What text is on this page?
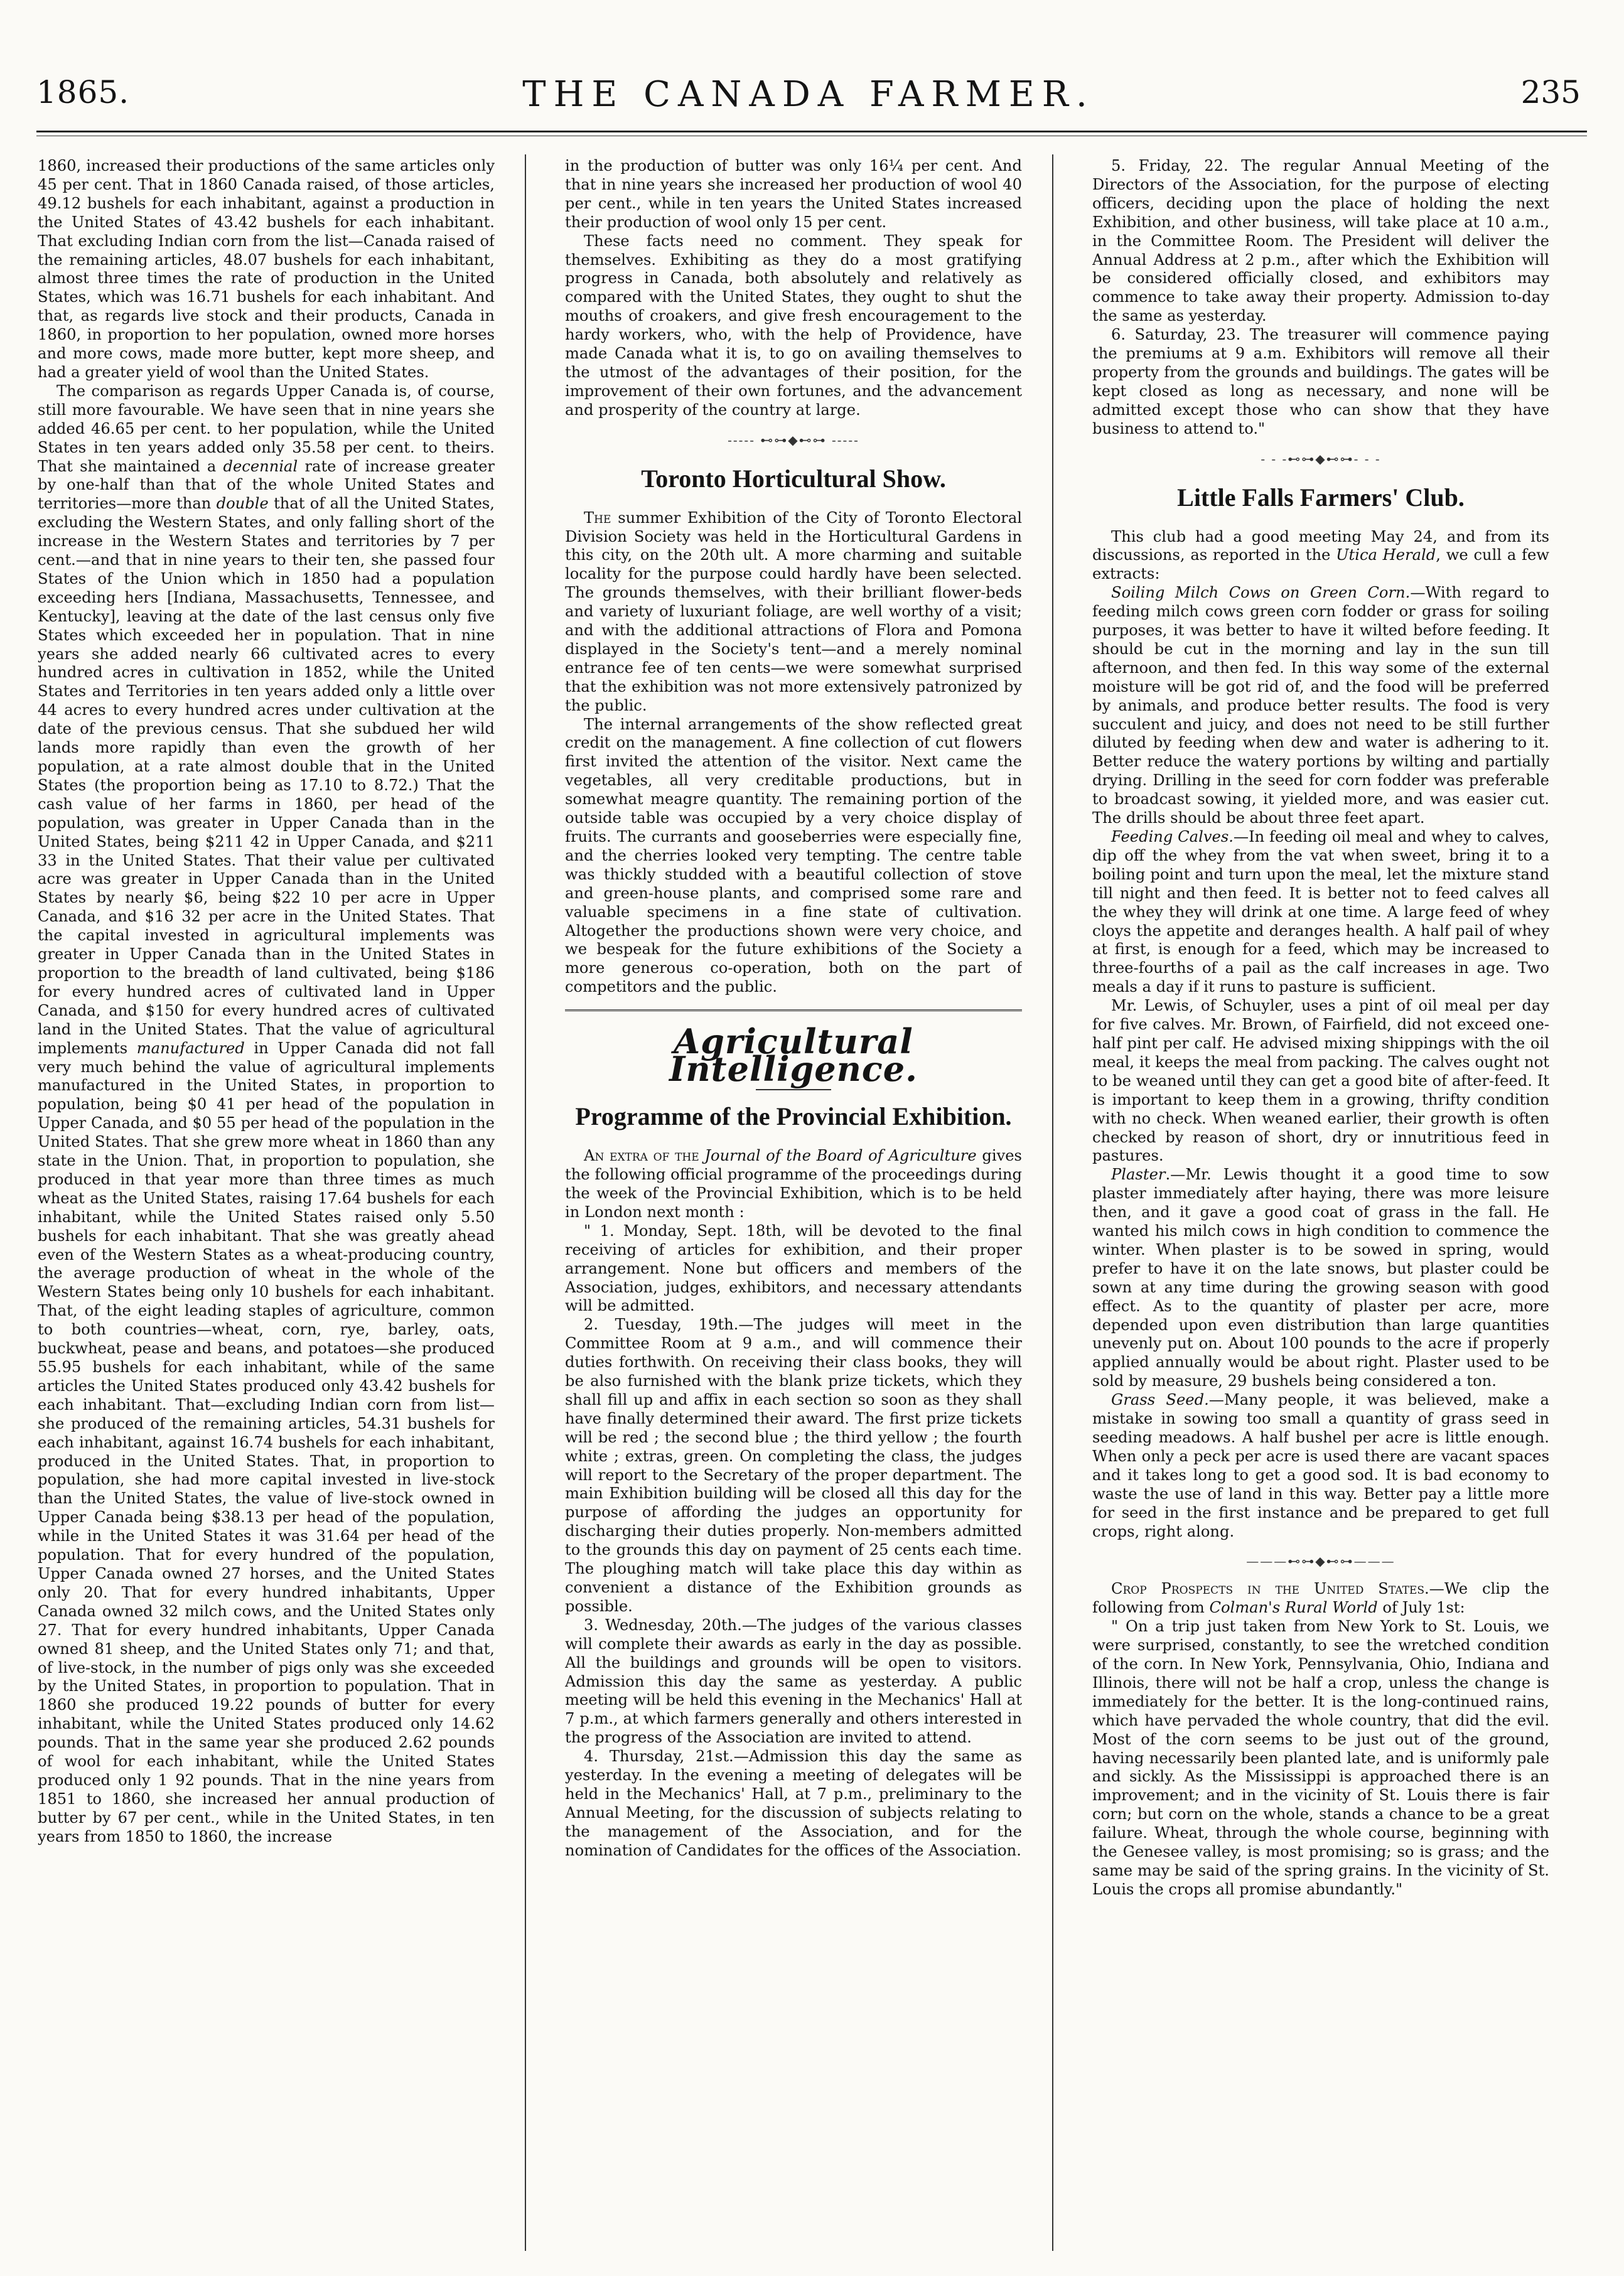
1865.	THE CANADA FARMER.	235

1860, increased their productions of the same articles only 45 per cent. That in 1860 Canada raised, of those articles, 49.12 bushels for each inhabitant, against a production in the United States of 43.42 bushels for each inhabitant. That excluding Indian corn from the list—Canada raised of the remaining articles, 48.07 bushels for each inhabitant, almost three times the rate of production in the United States, which was 16.71 bushels for each inhabitant. And that, as regards live stock and their products, Canada in 1860, in proportion to her population, owned more horses and more cows, made more butter, kept more sheep, and had a greater yield of wool than the United States.

The comparison as regards Upper Canada is, of course, still more favourable. We have seen that in nine years she added 46.65 per cent. to her population, while the United States in ten years added only 35.58 per cent. to theirs. That she maintained a decennial rate of increase greater by one-half than that of the whole United States and territories—more than double that of all the United States, excluding the Western States, and only falling short of the increase in the Western States and territories by 7 per cent.—and that in nine years to their ten, she passed four States of the Union which in 1850 had a population exceeding hers [Indiana, Massachusetts, Tennessee, and Kentucky], leaving at the date of the last census only five States which exceeded her in population. That in nine years she added nearly 66 cultivated acres to every hundred acres in cultivation in 1852, while the United States and Territories in ten years added only a little over 44 acres to every hundred acres under cultivation at the date of the previous census. That she subdued her wild lands more rapidly than even the growth of her population, at a rate almost double that in the United States (the proportion being as 17.10 to 8.72.) That the cash value of her farms in 1860, per head of the population, was greater in Upper Canada than in the United States, being $211 42 in Upper Canada, and $211 33 in the United States. That their value per cultivated acre was greater in Upper Canada than in the United States by nearly $6, being $22 10 per acre in Upper Canada, and $16 32 per acre in the United States. That the capital invested in agricultural implements was greater in Upper Canada than in the United States in proportion to the breadth of land cultivated, being $186 for every hundred acres of cultivated land in Upper Canada, and $150 for every hundred acres of cultivated land in the United States. That the value of agricultural implements manufactured in Upper Canada did not fall very much behind the value of agricultural implements manufactured in the United States, in proportion to population, being $0 41 per head of the population in Upper Canada, and $0 55 per head of the population in the United States. That she grew more wheat in 1860 than any state in the Union. That, in proportion to population, she produced in that year more than three times as much wheat as the United States, raising 17.64 bushels for each inhabitant, while the United States raised only 5.50 bushels for each inhabitant. That she was greatly ahead even of the Western States as a wheat-producing country, the average production of wheat in the whole of the Western States being only 10 bushels for each inhabitant. That, of the eight leading staples of agriculture, common to both countries—wheat, corn, rye, barley, oats, buckwheat, pease and beans, and potatoes—she produced 55.95 bushels for each inhabitant, while of the same articles the United States produced only 43.42 bushels for each inhabitant. That—excluding Indian corn from list—she produced of the remaining articles, 54.31 bushels for each inhabitant, against 16.74 bushels for each inhabitant, produced in the United States. That, in proportion to population, she had more capital invested in live-stock than the United States, the value of live-stock owned in Upper Canada being $38.13 per head of the population, while in the United States it was 31.64 per head of the population. That for every hundred of the population, Upper Canada owned 27 horses, and the United States only 20. That for every hundred inhabitants, Upper Canada owned 32 milch cows, and the United States only 27. That for every hundred inhabitants, Upper Canada owned 81 sheep, and the United States only 71; and that, of live-stock, in the number of pigs only was she exceeded by the United States, in proportion to population. That in 1860 she produced 19.22 pounds of butter for every inhabitant, while the United States produced only 14.62 pounds. That in the same year she produced 2.62 pounds of wool for each inhabitant, while the United States produced only 1 92 pounds. That in the nine years from 1851 to 1860, she increased her annual production of butter by 67 per cent., while in the United States, in ten years from 1850 to 1860, the increase

in the production of butter was only 16¼ per cent. And that in nine years she increased her production of wool 40 per cent., while in ten years the United States increased their production of wool only 15 per cent.

These facts need no comment. They speak for themselves. Exhibiting as they do a most gratifying progress in Canada, both absolutely and relatively as compared with the United States, they ought to shut the mouths of croakers, and give fresh encouragement to the hardy workers, who, with the help of Providence, have made Canada what it is, to go on availing themselves to the utmost of the advantages of their position, for the improvement of their own fortunes, and the advancement and prosperity of the country at large.

----- ⊷⊶◆⊷⊶ -----
Toronto Horticultural Show.

The summer Exhibition of the City of Toronto Electoral Division Society was held in the Horticultural Gardens in this city, on the 20th ult. A more charming and suitable locality for the purpose could hardly have been selected. The grounds themselves, with their brilliant flower-beds and variety of luxuriant foliage, are well worthy of a visit; and with the additional attractions of Flora and Pomona displayed in the Society's tent—and a merely nominal entrance fee of ten cents—we were somewhat surprised that the exhibition was not more extensively patronized by the public.

The internal arrangements of the show reflected great credit on the management. A fine collection of cut flowers first invited the attention of the visitor. Next came the vegetables, all very creditable productions, but in somewhat meagre quantity. The remaining portion of the outside table was occupied by a very choice display of fruits. The currants and gooseberries were especially fine, and the cherries looked very tempting. The centre table was thickly studded with a beautiful collection of stove and green-house plants, and comprised some rare and valuable specimens in a fine state of cultivation. Altogether the productions shown were very choice, and we bespeak for the future exhibitions of the Society a more generous co-operation, both on the part of competitors and the public.

Agricultural Intelligence.
Programme of the Provincial Exhibition.

An extra of the Journal of the Board of Agriculture gives the following official programme of the proceedings during the week of the Provincial Exhibition, which is to be held in London next month :

" 1. Monday, Sept. 18th, will be devoted to the final receiving of articles for exhibition, and their proper arrangement. None but officers and members of the Association, judges, exhibitors, and necessary attendants will be admitted.

2. Tuesday, 19th.—The judges will meet in the Committee Room at 9 a.m., and will commence their duties forthwith. On receiving their class books, they will be also furnished with the blank prize tickets, which they shall fill up and affix in each section so soon as they shall have finally determined their award. The first prize tickets will be red ; the second blue ; the third yellow ; the fourth white ; extras, green. On completing the class, the judges will report to the Secretary of the proper department. The main Exhibition building will be closed all this day for the purpose of affording the judges an opportunity for discharging their duties properly. Non-members admitted to the grounds this day on payment of 25 cents each time. The ploughing match will take place this day within as convenient a distance of the Exhibition grounds as possible.

3. Wednesday, 20th.—The judges of the various classes will complete their awards as early in the day as possible. All the buildings and grounds will be open to visitors. Admission this day the same as yesterday. A public meeting will be held this evening in the Mechanics' Hall at 7 p.m., at which farmers generally and others interested in the progress of the Association are invited to attend.

4. Thursday, 21st.—Admission this day the same as yesterday. In the evening a meeting of delegates will be held in the Mechanics' Hall, at 7 p.m., preliminary to the Annual Meeting, for the discussion of subjects relating to the management of the Association, and for the nomination of Candidates for the offices of the Association.

5. Friday, 22. The regular Annual Meeting of the Directors of the Association, for the purpose of electing officers, deciding upon the place of holding the next Exhibition, and other business, will take place at 10 a.m., in the Committee Room. The President will deliver the Annual Address at 2 p.m., after which the Exhibition will be considered officially closed, and exhibitors may commence to take away their property. Admission to-day the same as yesterday.

6. Saturday, 23. The treasurer will commence paying the premiums at 9 a.m. Exhibitors will remove all their property from the grounds and buildings. The gates will be kept closed as long as necessary, and none will be admitted except those who can show that they have business to attend to."

- - -⊷⊶◆⊷⊶- - -
Little Falls Farmers' Club.

This club had a good meeting May 24, and from its discussions, as reported in the Utica Herald, we cull a few extracts:

Soiling Milch Cows on Green Corn.—With regard to feeding milch cows green corn fodder or grass for soiling purposes, it was better to have it wilted before feeding. It should be cut in the morning and lay in the sun till afternoon, and then fed. In this way some of the external moisture will be got rid of, and the food will be preferred by animals, and produce better results. The food is very succulent and juicy, and does not need to be still further diluted by feeding when dew and water is adhering to it. Better reduce the watery portions by wilting and partially drying. Drilling in the seed for corn fodder was preferable to broadcast sowing, it yielded more, and was easier cut. The drills should be about three feet apart.

Feeding Calves.—In feeding oil meal and whey to calves, dip off the whey from the vat when sweet, bring it to a boiling point and turn upon the meal, let the mixture stand till night and then feed. It is better not to feed calves all the whey they will drink at one time. A large feed of whey cloys the appetite and deranges health. A half pail of whey at first, is enough for a feed, which may be increased to three-fourths of a pail as the calf increases in age. Two meals a day if it runs to pasture is sufficient.

Mr. Lewis, of Schuyler, uses a pint of oil meal per day for five calves. Mr. Brown, of Fairfield, did not exceed one-half pint per calf. He advised mixing shippings with the oil meal, it keeps the meal from packing. The calves ought not to be weaned until they can get a good bite of after-feed. It is important to keep them in a growing, thrifty condition with no check. When weaned earlier, their growth is often checked by reason of short, dry or innutritious feed in pastures.

Plaster.—Mr. Lewis thought it a good time to sow plaster immediately after haying, there was more leisure then, and it gave a good coat of grass in the fall. He wanted his milch cows in high condition to commence the winter. When plaster is to be sowed in spring, would prefer to have it on the late snows, but plaster could be sown at any time during the growing season with good effect. As to the quantity of plaster per acre, more depended upon even distribution than large quantities unevenly put on. About 100 pounds to the acre if properly applied annually would be about right. Plaster used to be sold by measure, 29 bushels being considered a ton.

Grass Seed.—Many people, it was believed, make a mistake in sowing too small a quantity of grass seed in seeding meadows. A half bushel per acre is little enough. When only a peck per acre is used there are vacant spaces and it takes long to get a good sod. It is bad economy to waste the use of land in this way. Better pay a little more for seed in the first instance and be prepared to get full crops, right along.

———⊷⊶◆⊷⊶———

Crop Prospects in the United States.—We clip the following from Colman's Rural World of July 1st:

" On a trip just taken from New York to St. Louis, we were surprised, constantly, to see the wretched condition of the corn. In New York, Pennsylvania, Ohio, Indiana and Illinois, there will not be half a crop, unless the change is immediately for the better. It is the long-continued rains, which have pervaded the whole country, that did the evil. Most of the corn seems to be just out of the ground, having necessarily been planted late, and is uniformly pale and sickly. As the Mississippi is approached there is an improvement; and in the vicinity of St. Louis there is fair corn; but corn on the whole, stands a chance to be a great failure. Wheat, through the whole course, beginning with the Genesee valley, is most promising; so is grass; and the same may be said of the spring grains. In the vicinity of St. Louis the crops all promise abundantly."
